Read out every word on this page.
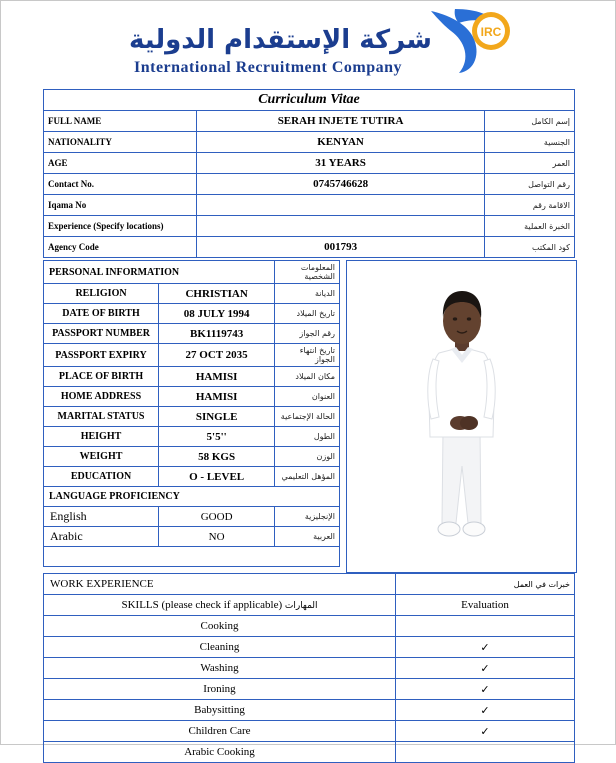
شركة الإستقدام الدولية
International Recruitment Company
IRC
Curriculum Vitae		
FULL NAME	SERAH INJETE TUTIRA	إسم الكامل
NATIONALITY	KENYAN	الجنسية
AGE	31 YEARS	العمر
Contact No.	0745746628	رقم التواصل
Iqama No		الاقامة رقم
Experience (Specify locations)		الخبرة العملية
Agency Code	001793	كود المكتب
PERSONAL INFORMATION		المعلومات الشخصية
RELIGION	CHRISTIAN	الديانة
DATE OF BIRTH	08 JULY 1994	تاريخ الميلاد
PASSPORT NUMBER	BK1119743	رقم الجواز
PASSPORT EXPIRY	27 OCT 2035	تاريخ انتهاء الجواز
PLACE OF BIRTH	HAMISI	مكان الميلاد
HOME ADDRESS	HAMISI	العنوان
MARITAL STATUS	SINGLE	الحالة الإجتماعية
HEIGHT	5'5''	الطول
WEIGHT	58 KGS	الوزن
EDUCATION	O - LEVEL	المؤهل التعليمي
LANGUAGE PROFICIENCY		
English	GOOD	الإنجليزية
Arabic	NO	العربية

WORK EXPERIENCE	خبرات في العمل
SKILLS (please check if applicable) المهارات	Evaluation
Cooking	
Cleaning	✓
Washing	✓
Ironing	✓
Babysitting	✓
Children Care	✓
Arabic Cooking	
